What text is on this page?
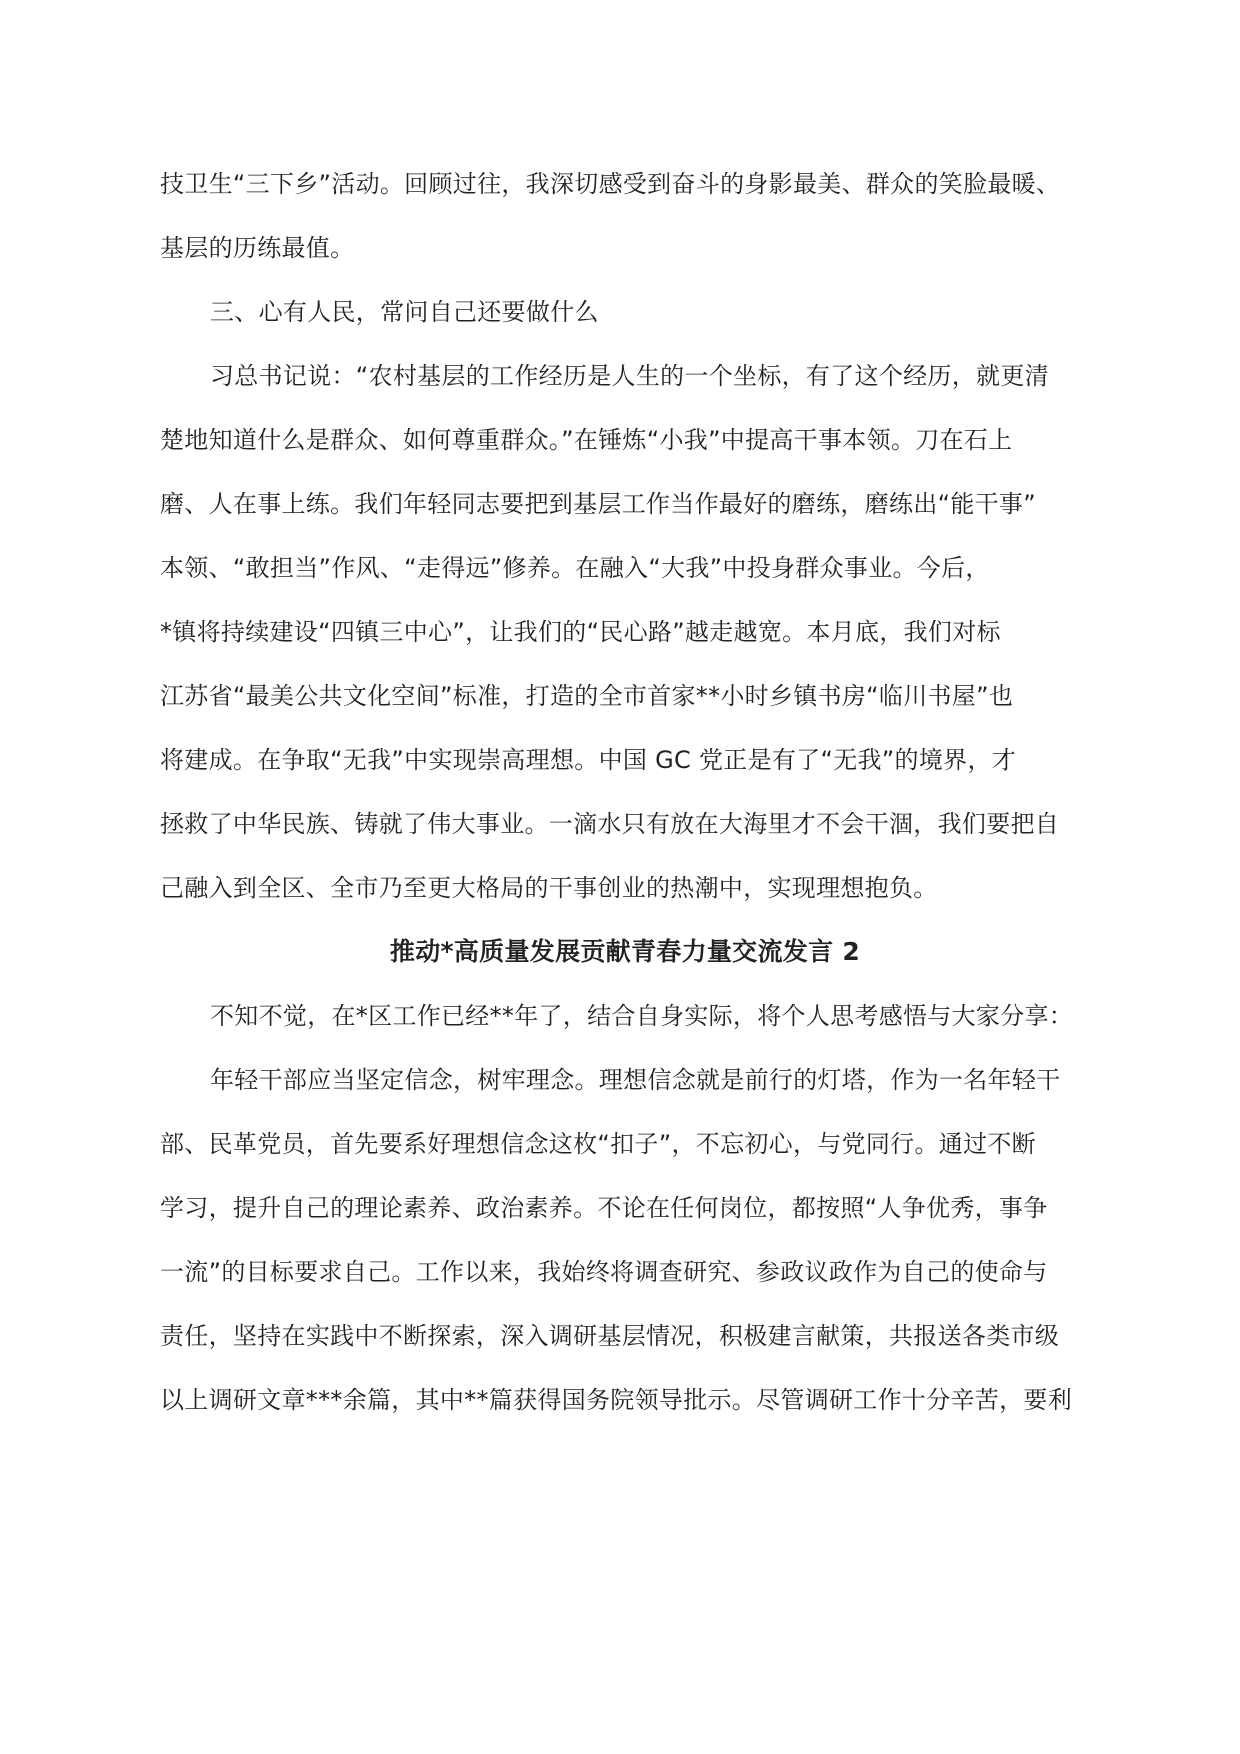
技卫生“三下乡”活动。回顾过往，我深切感受到奋斗的身影最美、群众的笑脸最暖、
基层的历练最值。
三、心有人民，常问自己还要做什么
习总书记说：“农村基层的工作经历是人生的一个坐标，有了这个经历，就更清
楚地知道什么是群众、如何尊重群众。”在锤炼“小我”中提高干事本领。刀在石上
磨、人在事上练。我们年轻同志要把到基层工作当作最好的磨练，磨练出“能干事”
本领、“敢担当”作风、“走得远”修养。在融入“大我”中投身群众事业。今后，
*镇将持续建设“四镇三中心”，让我们的“民心路”越走越宽。本月底，我们对标
江苏省“最美公共文化空间”标准，打造的全市首家**小时乡镇书房“临川书屋”也
将建成。在争取“无我”中实现崇高理想。中国 GC 党正是有了“无我”的境界，才
拯救了中华民族、铸就了伟大事业。一滴水只有放在大海里才不会干涸，我们要把自
己融入到全区、全市乃至更大格局的干事创业的热潮中，实现理想抱负。
推动*高质量发展贡献青春力量交流发言 2
不知不觉，在*区工作已经**年了，结合自身实际，将个人思考感悟与大家分享：
年轻干部应当坚定信念，树牢理念。理想信念就是前行的灯塔，作为一名年轻干
部、民革党员，首先要系好理想信念这枚“扣子”，不忘初心，与党同行。通过不断
学习，提升自己的理论素养、政治素养。不论在任何岗位，都按照“人争优秀，事争
一流”的目标要求自己。工作以来，我始终将调查研究、参政议政作为自己的使命与
责任，坚持在实践中不断探索，深入调研基层情况，积极建言献策，共报送各类市级
以上调研文章***余篇，其中**篇获得国务院领导批示。尽管调研工作十分辛苦，要利
